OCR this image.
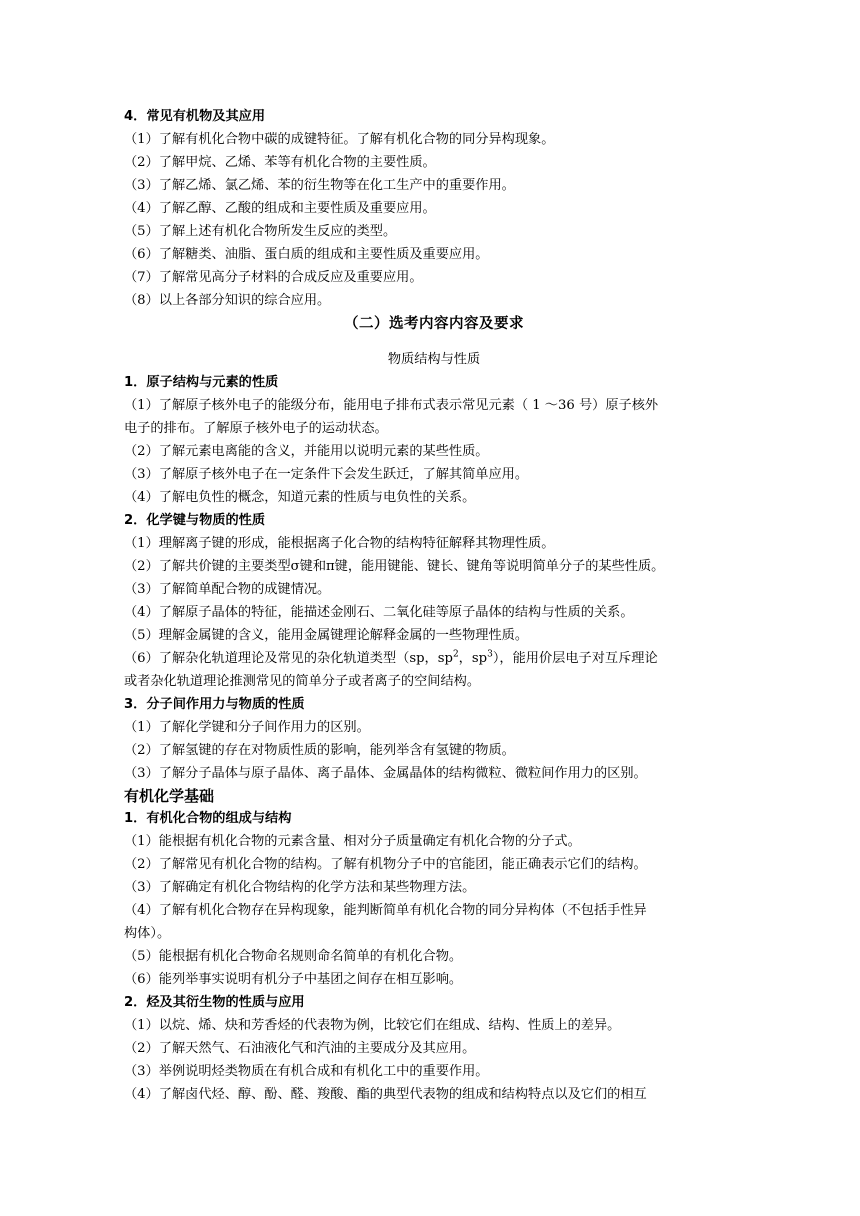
4．常见有机物及其应用
（1）了解有机化合物中碳的成键特征。了解有机化合物的同分异构现象。
（2）了解甲烷、乙烯、苯等有机化合物的主要性质。
（3）了解乙烯、氯乙烯、苯的衍生物等在化工生产中的重要作用。
（4）了解乙醇、乙酸的组成和主要性质及重要应用。
（5）了解上述有机化合物所发生反应的类型。
（6）了解糖类、油脂、蛋白质的组成和主要性质及重要应用。
（7）了解常见高分子材料的合成反应及重要应用。
（8）以上各部分知识的综合应用。
（二）选考内容内容及要求
物质结构与性质
1．原子结构与元素的性质
（1）了解原子核外电子的能级分布，能用电子排布式表示常见元素（ 1 ～36 号）原子核外
电子的排布。了解原子核外电子的运动状态。
（2）了解元素电离能的含义，并能用以说明元素的某些性质。
（3）了解原子核外电子在一定条件下会发生跃迁，了解其简单应用。
（4）了解电负性的概念，知道元素的性质与电负性的关系。
2．化学键与物质的性质
（1）理解离子键的形成，能根据离子化合物的结构特征解释其物理性质。
（2）了解共价键的主要类型σ键和π键，能用键能、键长、键角等说明简单分子的某些性质。
（3）了解简单配合物的成键情况。
（4）了解原子晶体的特征，能描述金刚石、二氧化硅等原子晶体的结构与性质的关系。
（5）理解金属键的含义，能用金属键理论解释金属的一些物理性质。
（6）了解杂化轨道理论及常见的杂化轨道类型（sp，$sp^2$，$sp^3$），能用价层电子对互斥理论
或者杂化轨道理论推测常见的简单分子或者离子的空间结构。
3．分子间作用力与物质的性质
（1）了解化学键和分子间作用力的区别。
（2）了解氢键的存在对物质性质的影响，能列举含有氢键的物质。
（3）了解分子晶体与原子晶体、离子晶体、金属晶体的结构微粒、微粒间作用力的区别。
有机化学基础
1．有机化合物的组成与结构
（1）能根据有机化合物的元素含量、相对分子质量确定有机化合物的分子式。
（2）了解常见有机化合物的结构。了解有机物分子中的官能团，能正确表示它们的结构。
（3）了解确定有机化合物结构的化学方法和某些物理方法。
（4）了解有机化合物存在异构现象，能判断简单有机化合物的同分异构体（不包括手性异
构体）。
（5）能根据有机化合物命名规则命名简单的有机化合物。
（6）能列举事实说明有机分子中基团之间存在相互影响。
2．烃及其衍生物的性质与应用
（1）以烷、烯、炔和芳香烃的代表物为例，比较它们在组成、结构、性质上的差异。
（2）了解天然气、石油液化气和汽油的主要成分及其应用。
（3）举例说明烃类物质在有机合成和有机化工中的重要作用。
（4）了解卤代烃、醇、酚、醛、羧酸、酯的典型代表物的组成和结构特点以及它们的相互
